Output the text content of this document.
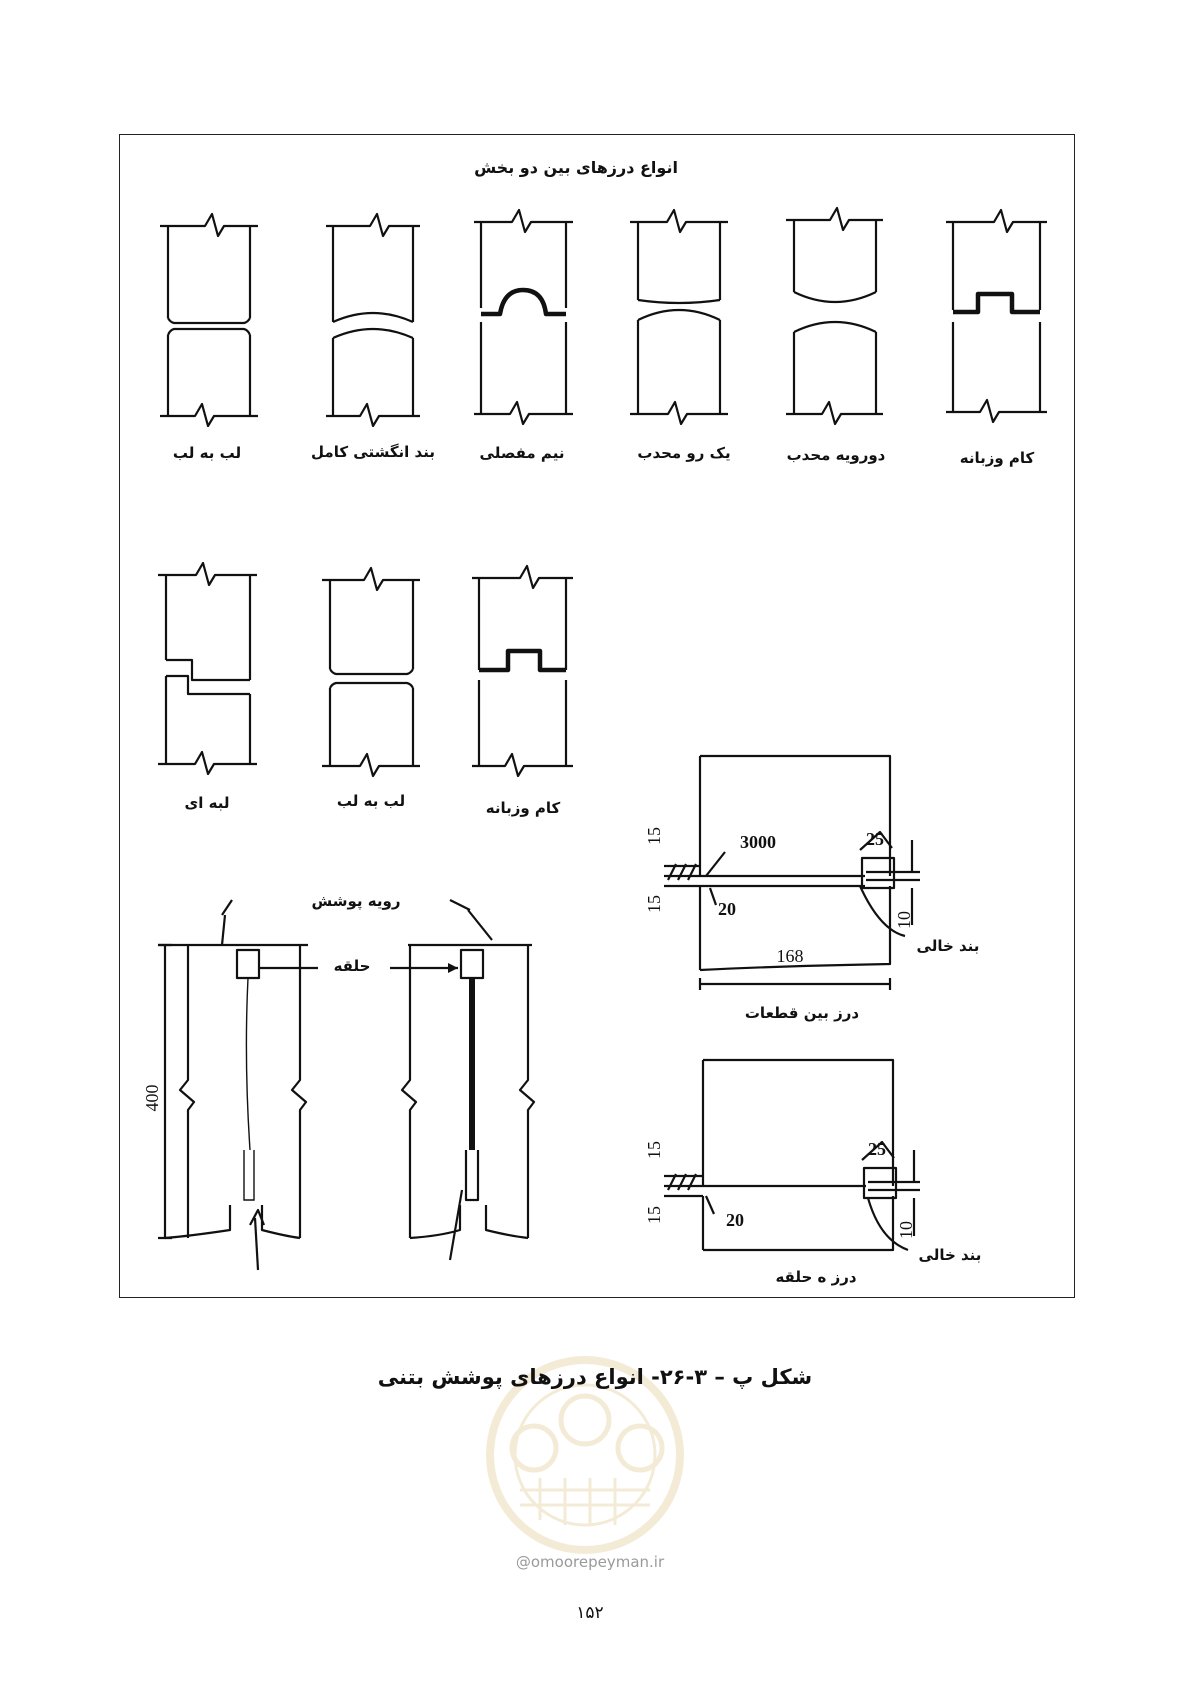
انواع درزهای بین دو بخش
لب به لب	بند انگشتی کامل	نیم مفصلی	یک رو محدب	دورویه محدب	کام وزبانه
لبه ای	لب به لب	کام وزبانه
400
رویه پوشش
حلقه
15
15
3000
20
25
10
168	بند خالی
درز بین قطعات
15
15	20
25
10
بند خالی
درز ه حلقه
شکل پ – ۳-۲۶- انواع درزهای پوشش بتنی
@omoorepeyman.ir
۱۵۲
